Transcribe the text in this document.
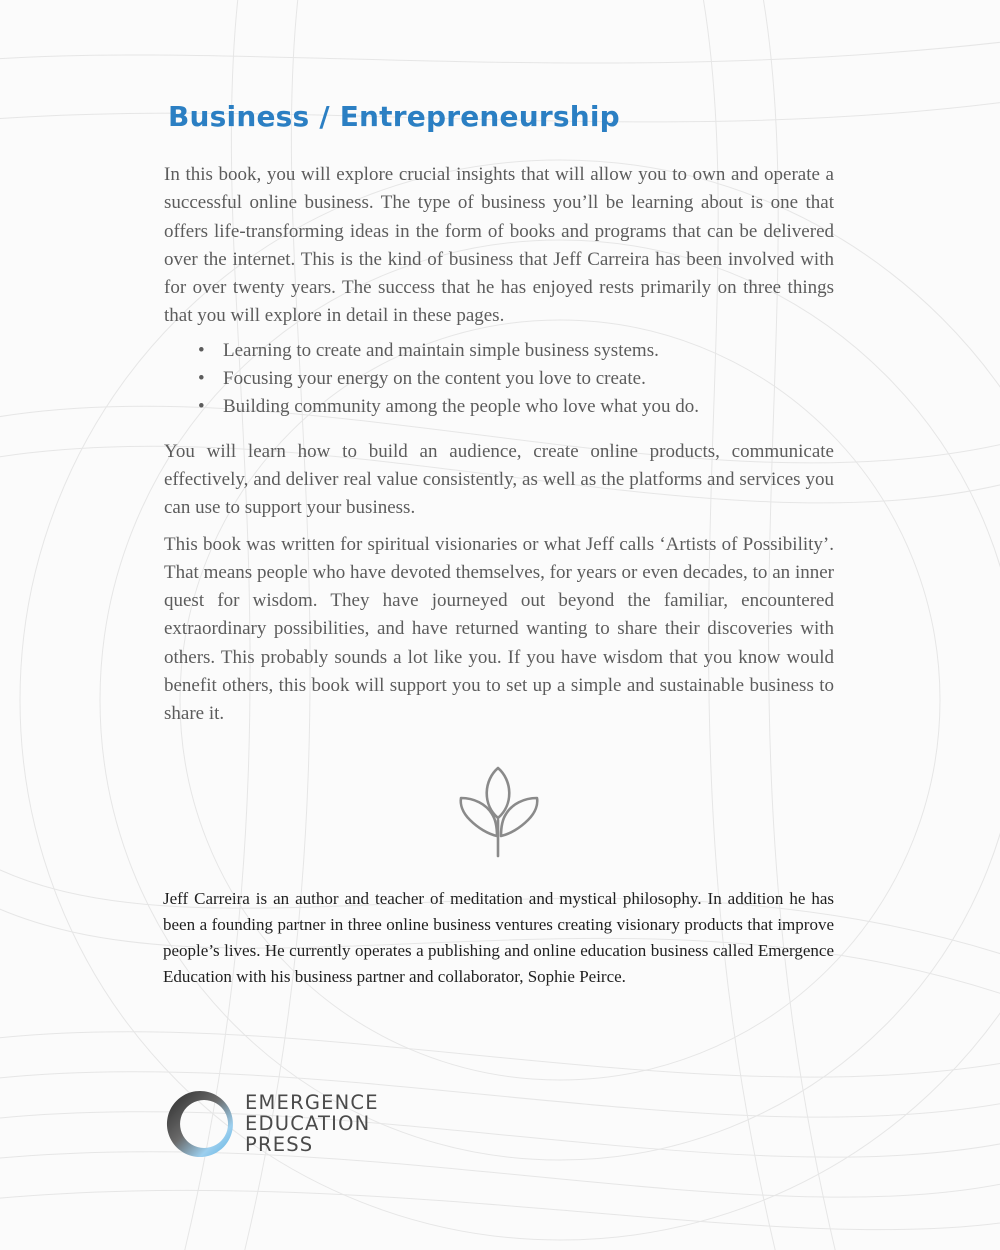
Business / Entrepreneurship

In this book, you will explore crucial insights that will allow you to own and operate a successful online business. The type of business you’ll be learning about is one that offers life-transforming ideas in the form of books and programs that can be delivered over the internet. This is the kind of business that Jeff Carreira has been involved with for over twenty years. The success that he has enjoyed rests primarily on three things that you will explore in detail in these pages.

• Learning to create and maintain simple business systems.
• Focusing your energy on the content you love to create.
• Building community among the people who love what you do.

You will learn how to build an audience, create online products, communicate effectively, and deliver real value consistently, as well as the platforms and services you can use to support your business.

This book was written for spiritual visionaries or what Jeff calls ‘Artists of Possibility’. That means people who have devoted themselves, for years or even decades, to an inner quest for wisdom. They have journeyed out beyond the familiar, encountered extraordinary possibilities, and have returned wanting to share their discoveries with others. This probably sounds a lot like you. If you have wisdom that you know would benefit others, this book will support you to set up a simple and sustainable business to share it.

Jeff Carreira is an author and teacher of meditation and mystical philosophy. In addition he has been a founding partner in three online business ventures creating visionary products that improve people’s lives. He currently operates a publishing and online education business called Emergence Education with his business partner and collaborator, Sophie Peirce.

EMERGENCE
EDUCATION
PRESS
